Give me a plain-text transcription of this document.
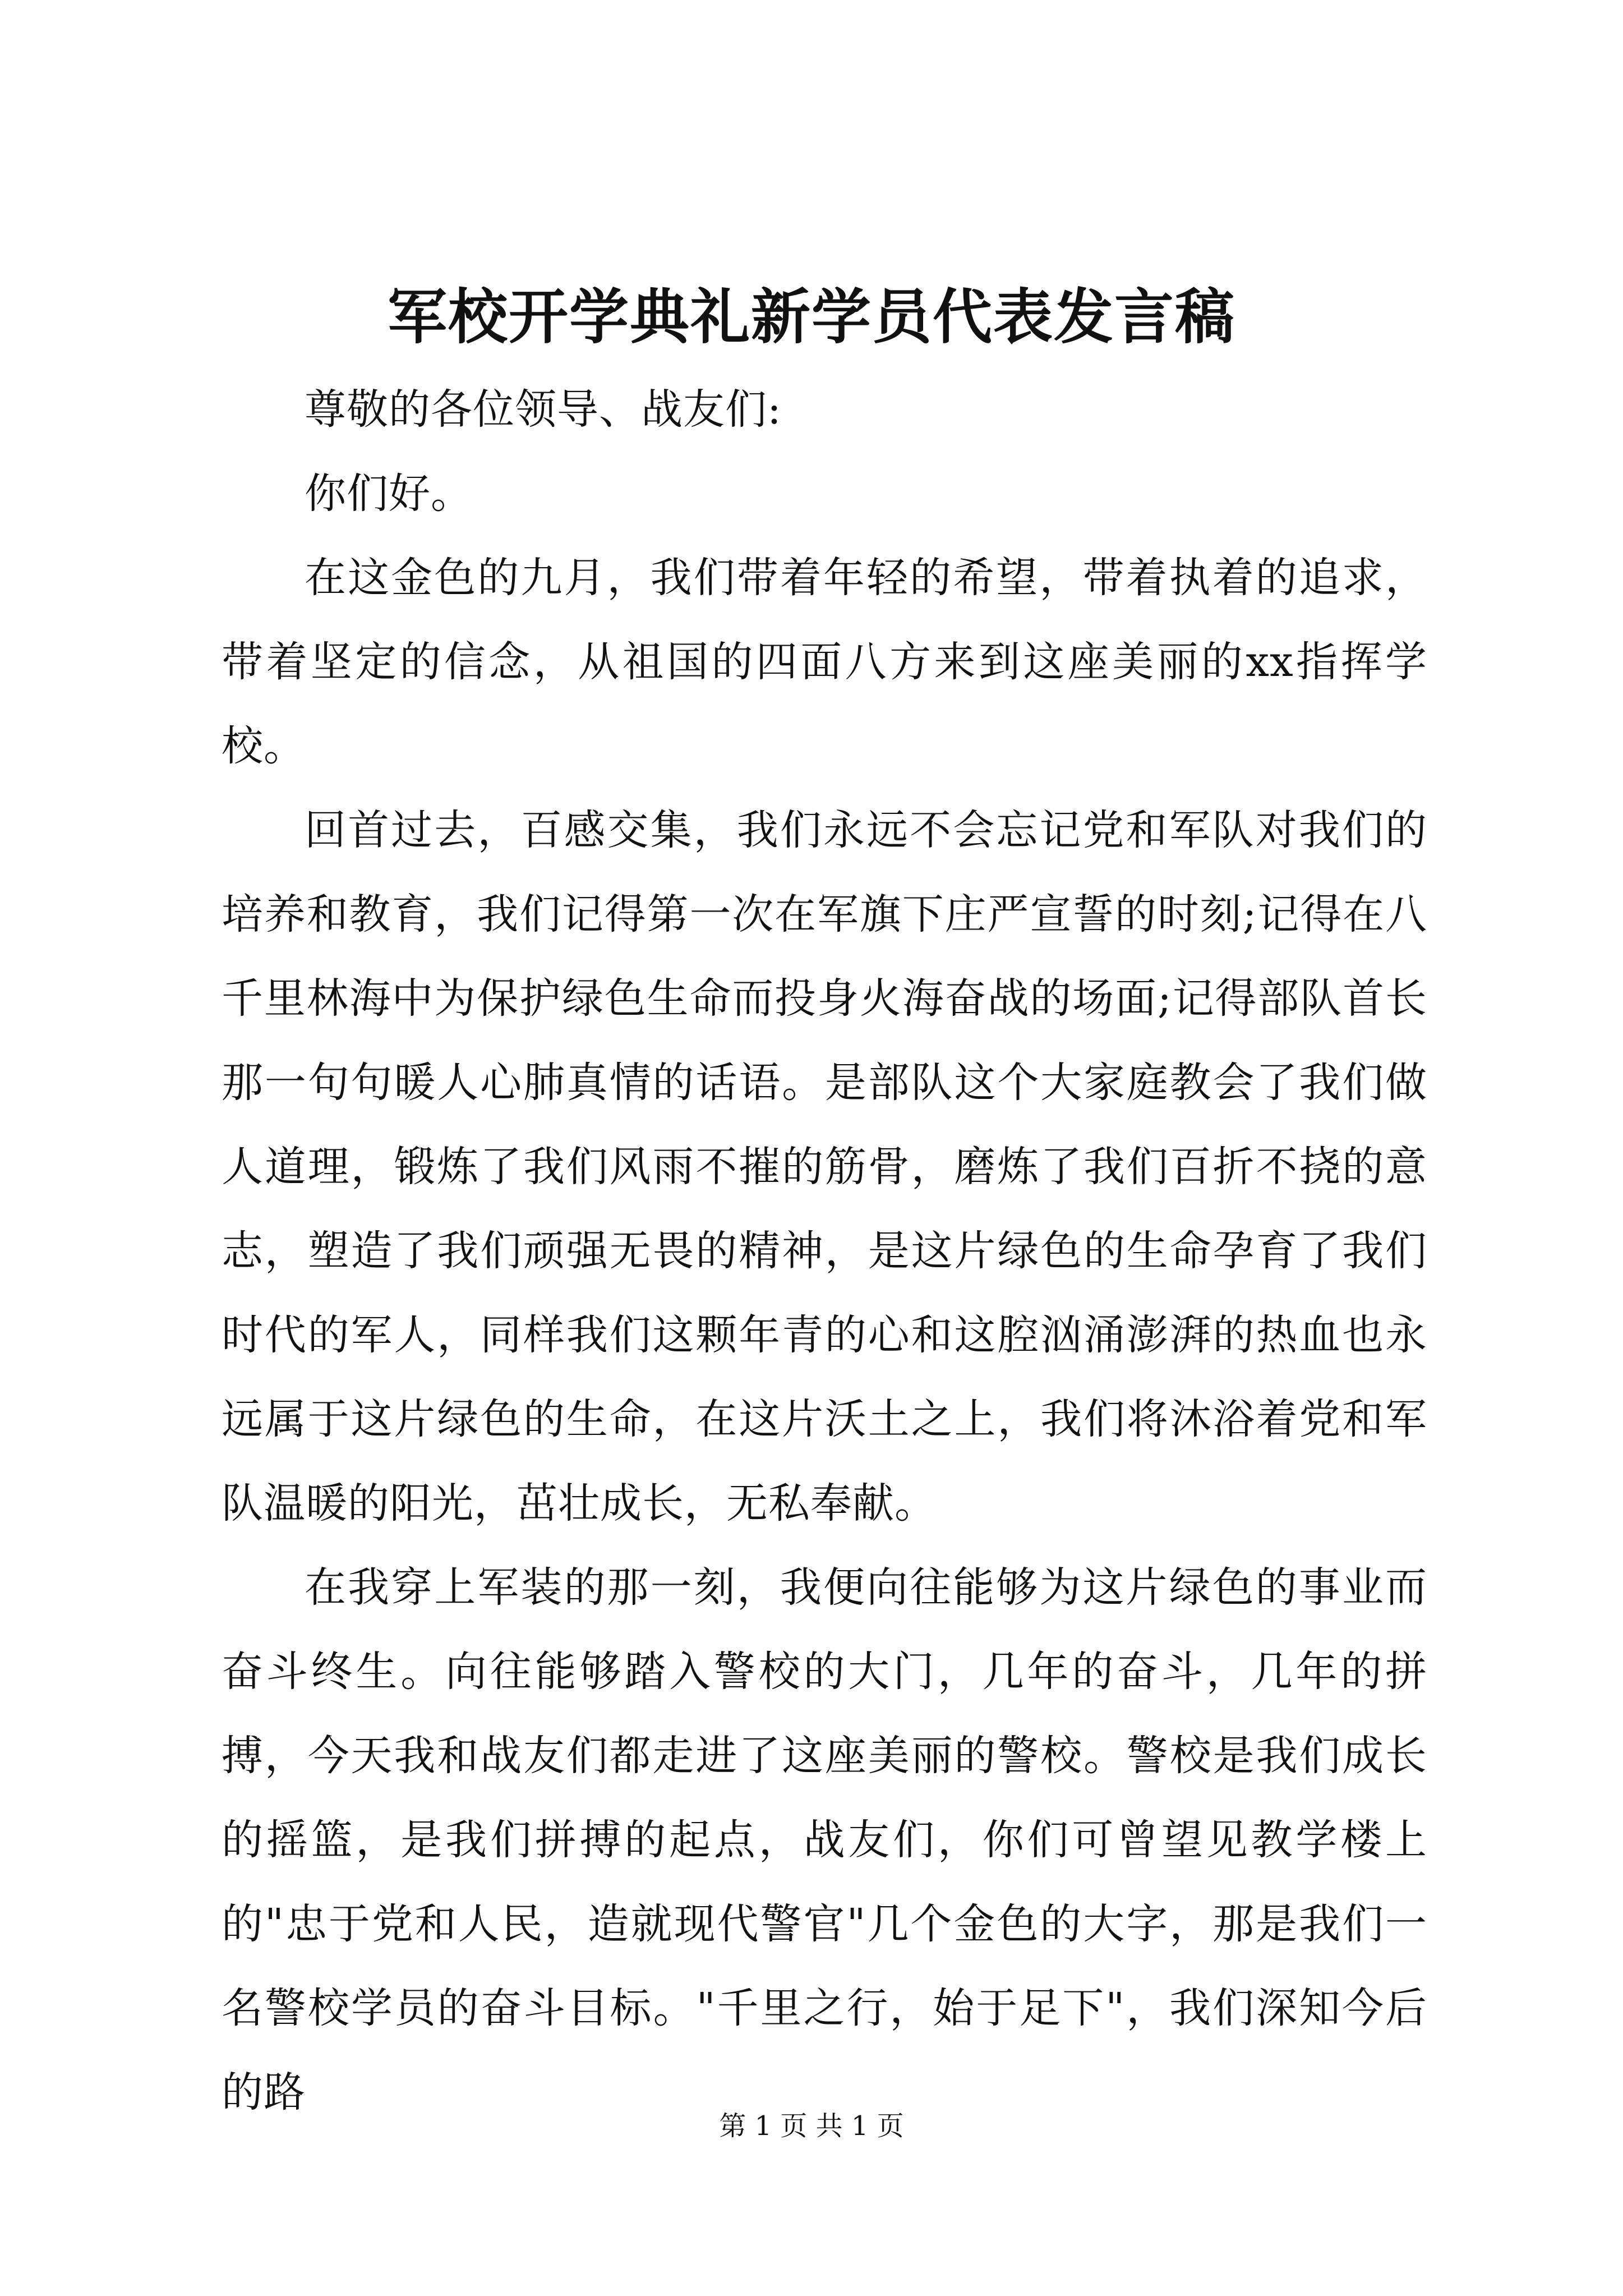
军校开学典礼新学员代表发言稿

尊敬的各位领导、战友们:

你们好。

在这金色的九月，我们带着年轻的希望，带着执着的追求，带着坚定的信念，从祖国的四面八方来到这座美丽的xx指挥学校。

回首过去，百感交集，我们永远不会忘记党和军队对我们的培养和教育，我们记得第一次在军旗下庄严宣誓的时刻;记得在八千里林海中为保护绿色生命而投身火海奋战的场面;记得部队首长那一句句暖人心肺真情的话语。是部队这个大家庭教会了我们做人道理，锻炼了我们风雨不摧的筋骨，磨炼了我们百折不挠的意志，塑造了我们顽强无畏的精神，是这片绿色的生命孕育了我们时代的军人，同样我们这颗年青的心和这腔汹涌澎湃的热血也永远属于这片绿色的生命，在这片沃土之上，我们将沐浴着党和军队温暖的阳光，茁壮成长，无私奉献。

在我穿上军装的那一刻，我便向往能够为这片绿色的事业而奋斗终生。向往能够踏入警校的大门，几年的奋斗，几年的拼搏，今天我和战友们都走进了这座美丽的警校。警校是我们成长的摇篮，是我们拼搏的起点，战友们，你们可曾望见教学楼上的"忠于党和人民，造就现代警官"几个金色的大字，那是我们一名警校学员的奋斗目标。"千里之行，始于足下"，我们深知今后的路

第 1 页 共 1 页
